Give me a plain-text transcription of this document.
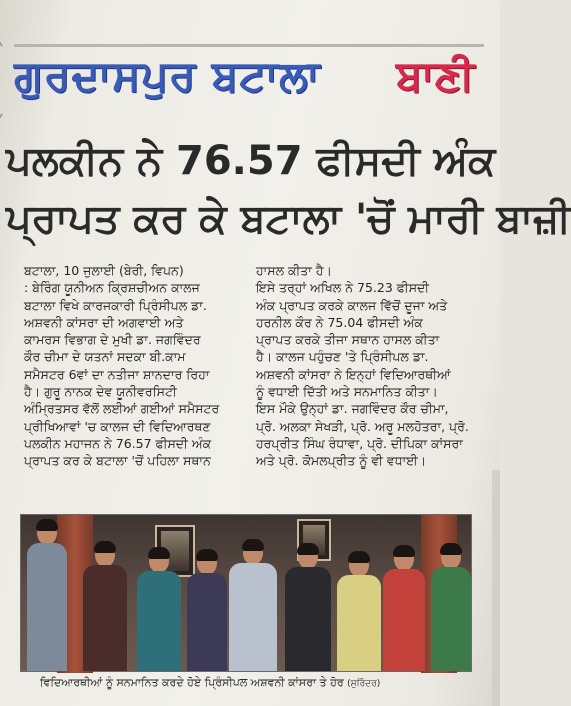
ਗੁਰਦਾਸਪੁਰ ਬਟਾਲਾ ਬਾਣੀ
ਪਲਕੀਨ ਨੇ 76.57 ਫੀਸਦੀ ਅੰਕ
ਪ੍ਰਾਪਤ ਕਰ ਕੇ ਬਟਾਲਾ 'ਚੋਂ ਮਾਰੀ ਬਾਜ਼ੀ
ਬਟਾਲਾ, 10 ਜੁਲਾਈ (ਬੇਰੀ, ਵਿਪਨ)
: ਬੇਰਿੰਗ ਯੂਨੀਅਨ ਕ੍ਰਿਸ਼ਚੀਅਨ ਕਾਲਜ
ਬਟਾਲਾ ਵਿਖੇ ਕਾਰਜਕਾਰੀ ਪ੍ਰਿੰਸੀਪਲ ਡਾ.
ਅਸ਼ਵਨੀ ਕਾਂਸਰਾ ਦੀ ਅਗਵਾਈ ਅਤੇ
ਕਾਮਰਸ ਵਿਭਾਗ ਦੇ ਮੁਖੀ ਡਾ. ਜਗਵਿੰਦਰ
ਕੌਰ ਚੀਮਾ ਦੇ ਯਤਨਾਂ ਸਦਕਾ ਬੀ.ਕਾਮ
ਸਮੈਸਟਰ 6ਵਾਂ ਦਾ ਨਤੀਜਾ ਸ਼ਾਨਦਾਰ ਰਿਹਾ
ਹੈ। ਗੁਰੂ ਨਾਨਕ ਦੇਵ ਯੂਨੀਵਰਸਿਟੀ
ਅੰਮ੍ਰਿਤਸਰ ਵੱਲੋਂ ਲਈਆਂ ਗਈਆਂ ਸਮੈਸਟਰ
ਪ੍ਰੀਖਿਆਵਾਂ 'ਚ ਕਾਲਜ ਦੀ ਵਿਦਿਆਰਥਣ
ਪਲਕੀਨ ਮਹਾਜਨ ਨੇ 76.57 ਫੀਸਦੀ ਅੰਕ
ਪ੍ਰਾਪਤ ਕਰ ਕੇ ਬਟਾਲਾ 'ਚੋਂ ਪਹਿਲਾ ਸਥਾਨ
ਹਾਸਲ ਕੀਤਾ ਹੈ।
ਇਸੇ ਤਰ੍ਹਾਂ ਅਖਿਲ ਨੇ 75.23 ਫੀਸਦੀ
ਅੰਕ ਪ੍ਰਾਪਤ ਕਰਕੇ ਕਾਲਜ ਵਿੱਚੋਂ ਦੂਜਾ ਅਤੇ
ਹਰਨੀਲ ਕੌਰ ਨੇ 75.04 ਫੀਸਦੀ ਅੰਕ
ਪ੍ਰਾਪਤ ਕਰਕੇ ਤੀਜਾ ਸਥਾਨ ਹਾਸਲ ਕੀਤਾ
ਹੈ। ਕਾਲਜ ਪਹੁੰਚਣ 'ਤੇ ਪ੍ਰਿੰਸੀਪਲ ਡਾ.
ਅਸ਼ਵਨੀ ਕਾਂਸਰਾ ਨੇ ਇਨ੍ਹਾਂ ਵਿਦਿਆਰਥੀਆਂ
ਨੂੰ ਵਧਾਈ ਦਿੱਤੀ ਅਤੇ ਸਨਮਾਨਿਤ ਕੀਤਾ।
ਇਸ ਮੌਕੇ ਉਨ੍ਹਾਂ ਡਾ. ਜਗਵਿੰਦਰ ਕੌਰ ਚੀਮਾ,
ਪ੍ਰੋ. ਅਲਕਾ ਸੇਖੜੀ, ਪ੍ਰੋ. ਅਰੂ ਮਲਹੋਤਰਾ, ਪ੍ਰੋ.
ਹਰਪ੍ਰੀਤ ਸਿੰਘ ਰੰਧਾਵਾ, ਪ੍ਰੋ. ਦੀਪਿਕਾ ਕਾਂਸਰਾ
ਅਤੇ ਪ੍ਰੋ. ਕੋਮਲਪ੍ਰੀਤ ਨੂੰ ਵੀ ਵਧਾਈ।
ਵਿਦਿਆਰਥੀਆਂ ਨੂੰ ਸਨਮਾਨਿਤ ਕਰਦੇ ਹੋਏ ਪ੍ਰਿੰਸੀਪਲ ਅਸ਼ਵਨੀ ਕਾਂਸਰਾ ਤੇ ਹੋਰ (ਸੁਰਿੰਦਰ)
